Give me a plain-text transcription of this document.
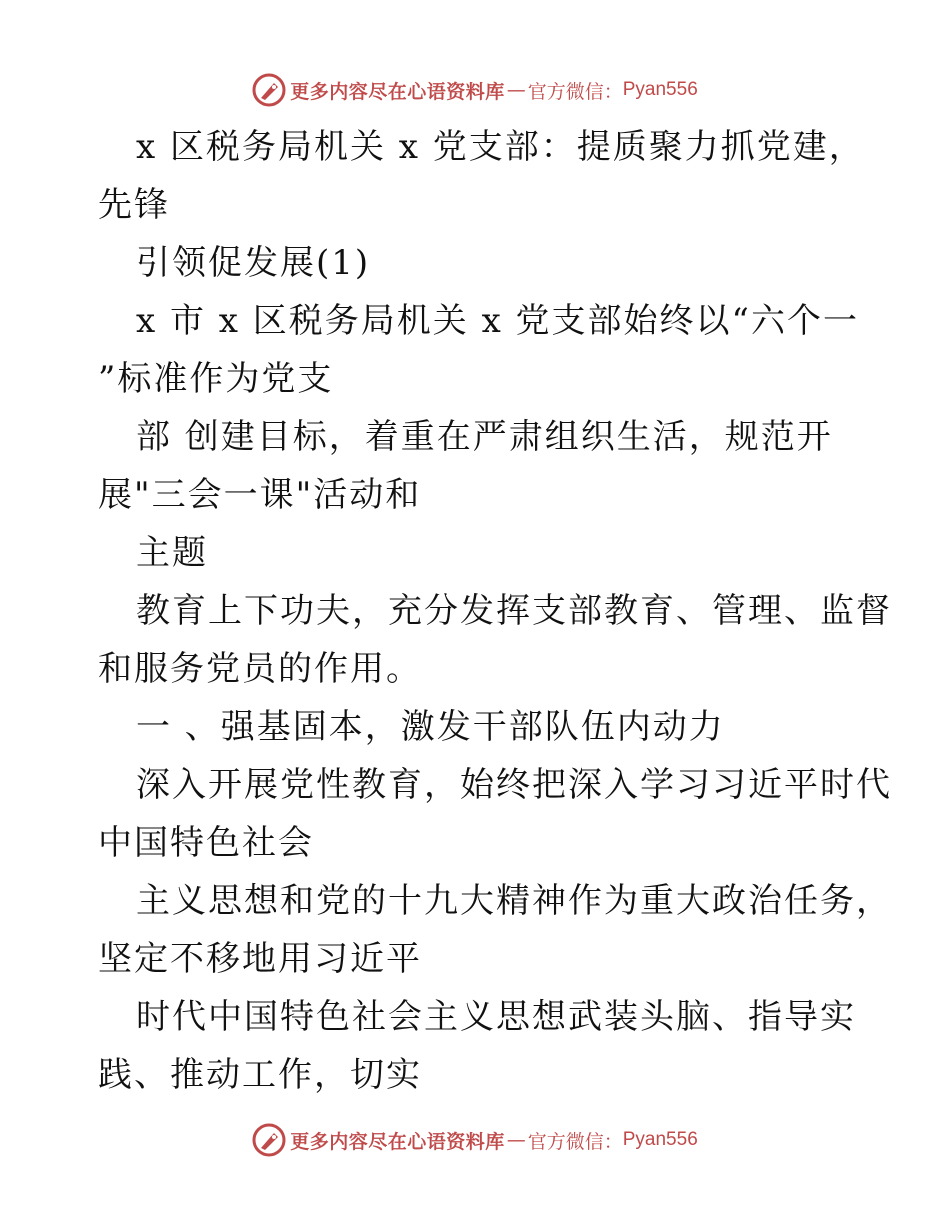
更多内容尽在心语资料库 — 官方微信： Pyan556
x 区税务局机关 x 党支部：提质聚力抓党建，
先锋
引领促发展(1)
x 市 x 区税务局机关 x 党支部始终以“六个一
”标准作为党支
部 创建目标，着重在严肃组织生活，规范开
展"三会一课"活动和
主题
教育上下功夫，充分发挥支部教育、管理、监督
和服务党员的作用。
一 、强基固本，激发干部队伍内动力
深入开展党性教育，始终把深入学习习近平时代
中国特色社会
主义思想和党的十九大精神作为重大政治任务，
坚定不移地用习近平
时代中国特色社会主义思想武装头脑、指导实
践、推动工作，切实
更多内容尽在心语资料库 — 官方微信： Pyan556
